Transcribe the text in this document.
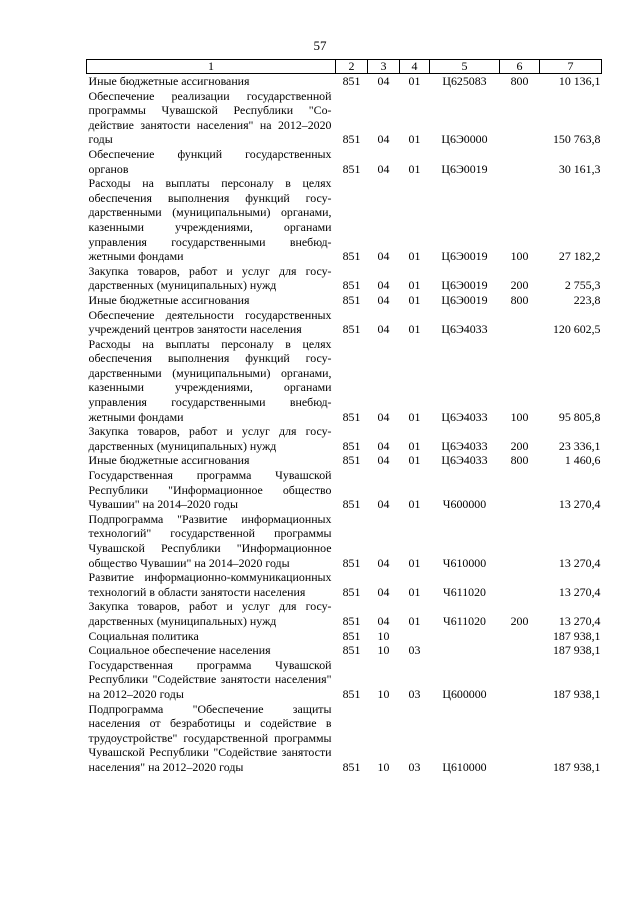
57
1	2	3	4	5	6	7
Иные бюджетные ассигнования	851	04	01	Ц625083	800	10 136,1
Обеспечение реализации государственной программы Чувашской Республики "Содействие занятости населения" на 2012–2020 годы	851	04	01	Ц6Э0000		150 763,8
Обеспечение функций государственных органов	851	04	01	Ц6Э0019		30 161,3
Расходы на выплаты персоналу в целях обеспечения выполнения функций государственными (муниципальными) органами, казенными учреждениями, органами управления государственными внебюджетными фондами	851	04	01	Ц6Э0019	100	27 182,2
Закупка товаров, работ и услуг для государственных (муниципальных) нужд	851	04	01	Ц6Э0019	200	2 755,3
Иные бюджетные ассигнования	851	04	01	Ц6Э0019	800	223,8
Обеспечение деятельности государственных учреждений центров занятости населения	851	04	01	Ц6Э4033		120 602,5
Расходы на выплаты персоналу в целях обеспечения выполнения функций государственными (муниципальными) органами, казенными учреждениями, органами управления государственными внебюджетными фондами	851	04	01	Ц6Э4033	100	95 805,8
Закупка товаров, работ и услуг для государственных (муниципальных) нужд	851	04	01	Ц6Э4033	200	23 336,1
Иные бюджетные ассигнования	851	04	01	Ц6Э4033	800	1 460,6
Государственная программа Чувашской Республики "Информационное общество Чувашии" на 2014–2020 годы	851	04	01	Ч600000		13 270,4
Подпрограмма "Развитие информационных технологий" государственной программы Чувашской Республики "Информационное общество Чувашии" на 2014–2020 годы	851	04	01	Ч610000		13 270,4
Развитие информационно-коммуникационных технологий в области занятости населения	851	04	01	Ч611020		13 270,4
Закупка товаров, работ и услуг для государственных (муниципальных) нужд	851	04	01	Ч611020	200	13 270,4
Социальная политика	851	10				187 938,1
Социальное обеспечение населения	851	10	03			187 938,1
Государственная программа Чувашской Республики "Содействие занятости населения" на 2012–2020 годы	851	10	03	Ц600000		187 938,1
Подпрограмма "Обеспечение защиты населения от безработицы и содействие в трудоустройстве" государственной программы Чувашской Республики "Содействие занятости населения" на 2012–2020 годы	851	10	03	Ц610000		187 938,1
